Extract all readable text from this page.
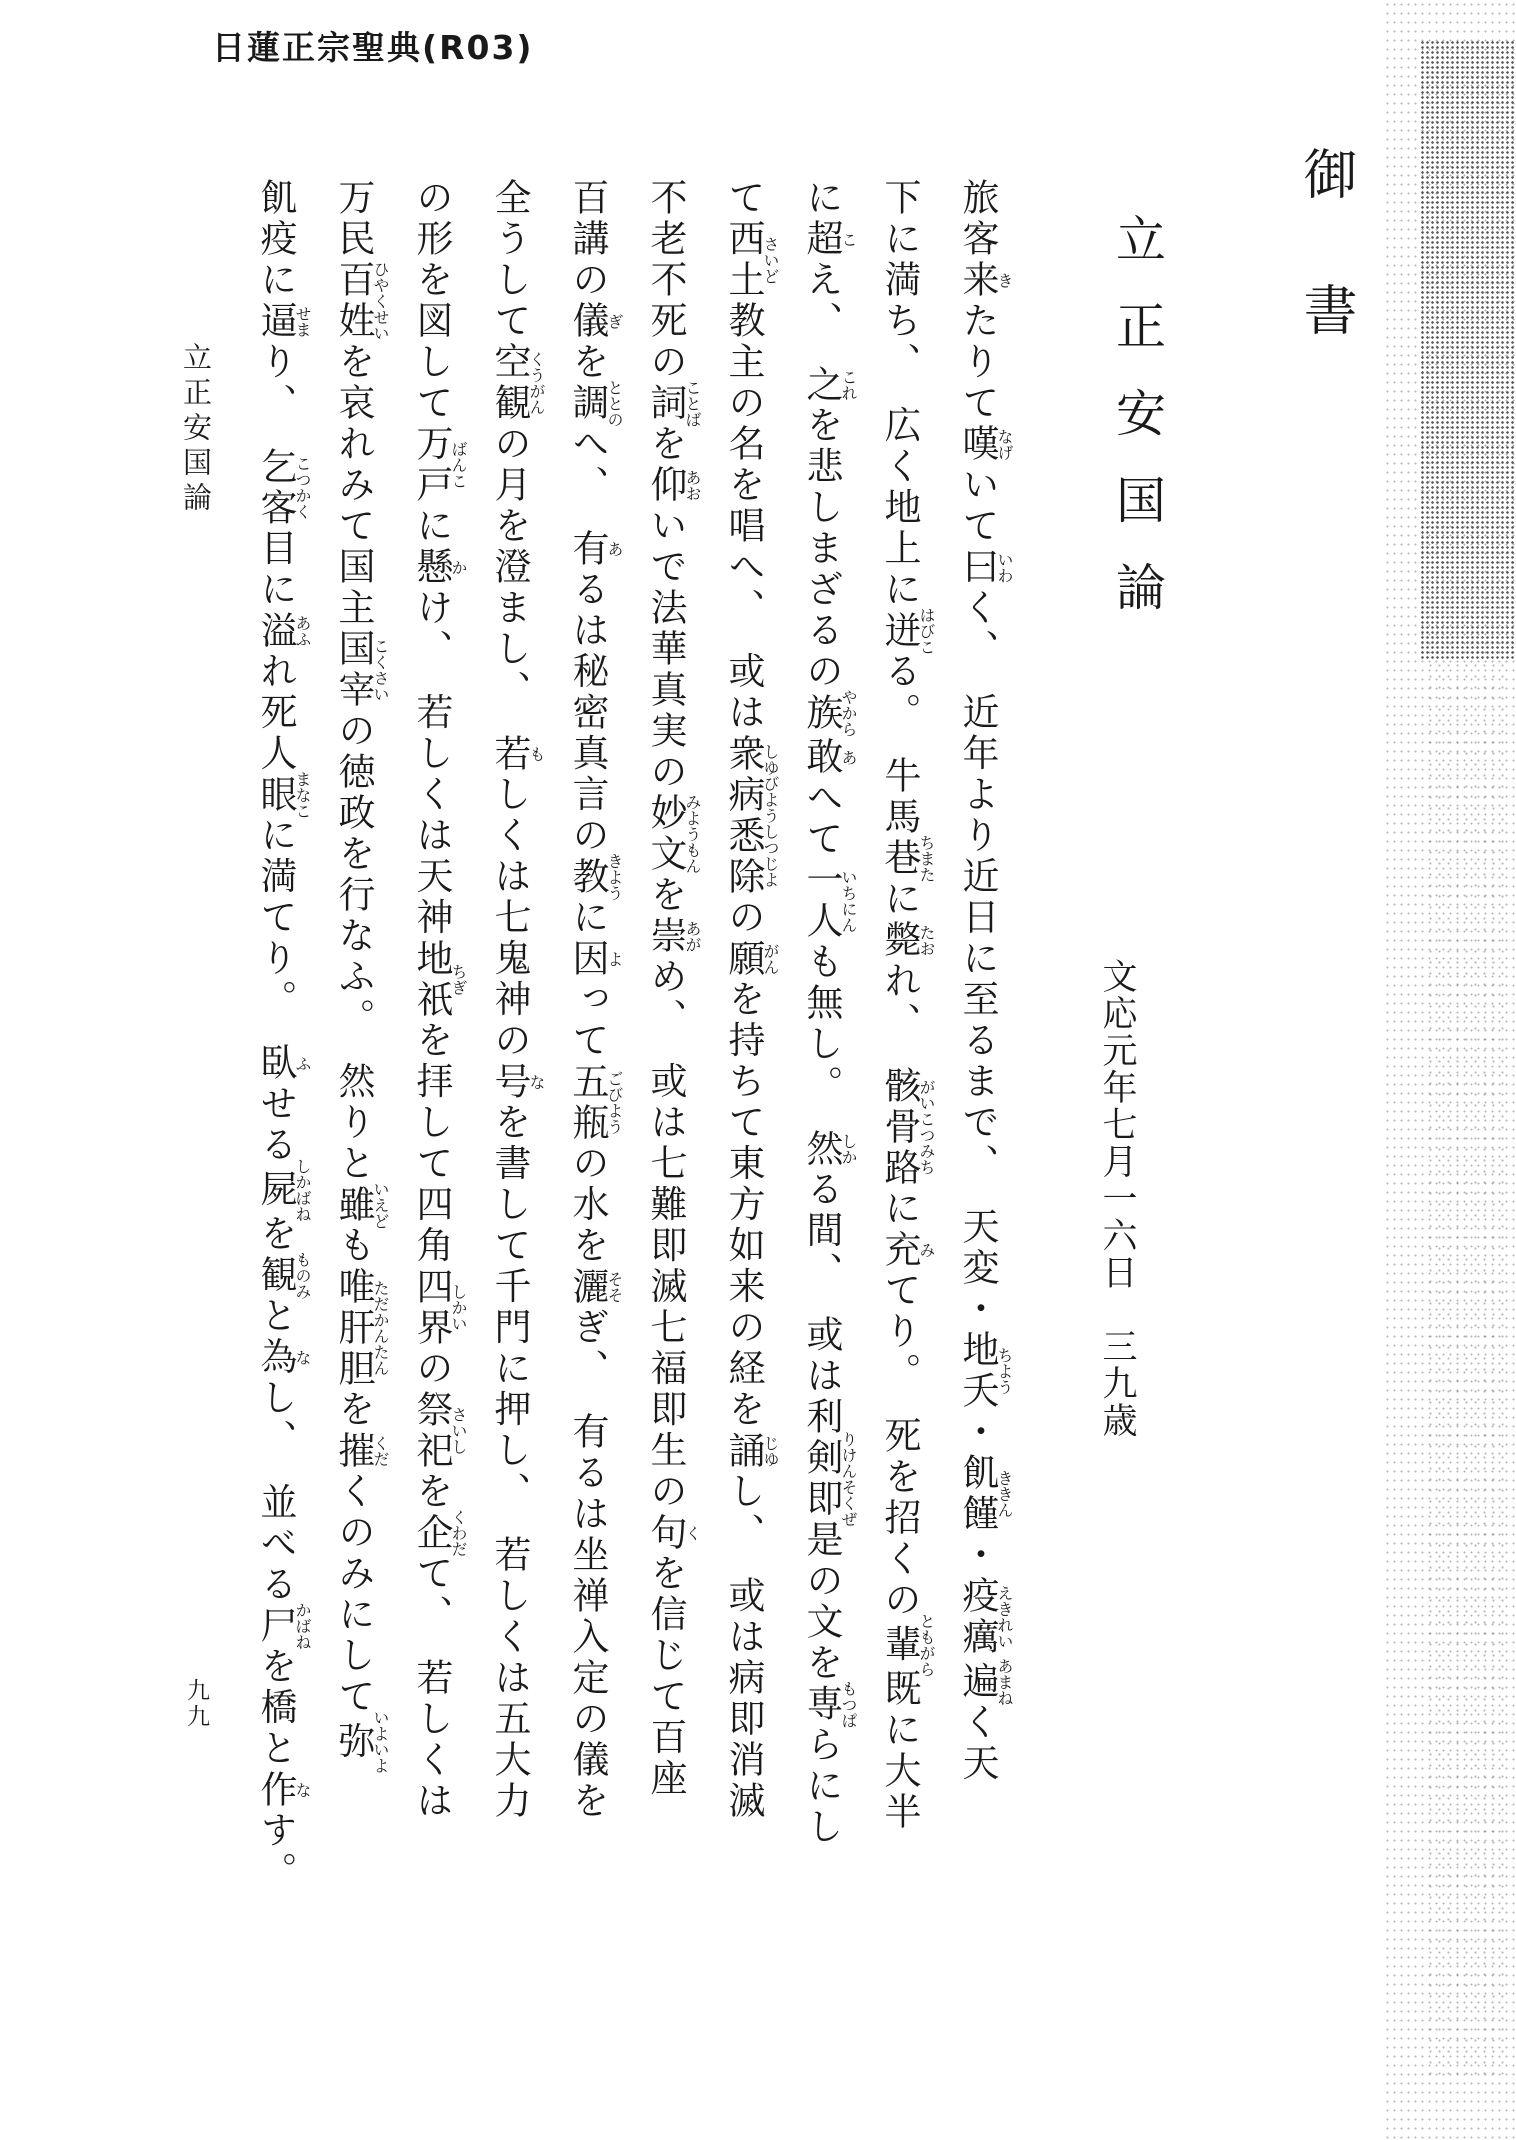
日蓮正宗聖典(R03)
御書
立正安国論
文応元年七月一六日　三九歳
旅客来きたりて嘆なげいて曰いわく、　近年より近日に至るまで、　天変・地夭ちよう・飢饉ききん・疫癘えきれい遍あまねく天
下に満ち、　広く地上に迸はびこる。　牛馬巷ちまたに斃たおれ、　骸骨路がいこつみちに充みてり。　死を招くの輩ともがら既に大半
に超こえ、　之これを悲しまざるの族やから敢あへて一人いちにんも無し。　然しかる間、　或は利剣即是りけんそくぜの文を専もつぱらにし
て西土さいど教主の名を唱へ、　或は衆病悉除しゆびようしつじよの願がんを持ちて東方如来の経を誦じゆし、　或は病即消滅
不老不死の詞ことばを仰あおいで法華真実の妙文みようもんを崇あがめ、　或は七難即滅七福即生の句くを信じて百座
百講の儀ぎを調ととのへ、　有あるは秘密真言の教きように因よって五瓶ごびようの水を灑そそぎ、　有るは坐禅入定の儀を
全うして空観くうがんの月を澄まし、　若もしくは七鬼神の号なを書して千門に押し、　若しくは五大力
の形を図して万戸ばんこに懸かけ、　若しくは天神地祇ちぎを拝して四角四界しかいの祭祀さいしを企くわだて、　若しくは
万民百姓ひやくせいを哀れみて国主国宰こくさいの徳政を行なふ。　然りと雖いえども唯肝胆ただかんたんを摧くだくのみにして弥いよいよ
飢疫に逼せまり、　乞客こつかく目に溢あふれ死人眼まなこに満てり。　臥ふせる屍しかばねを観ものみと為なし、　並べる尸かばねを橋と作なす。
立正安国論
九九
